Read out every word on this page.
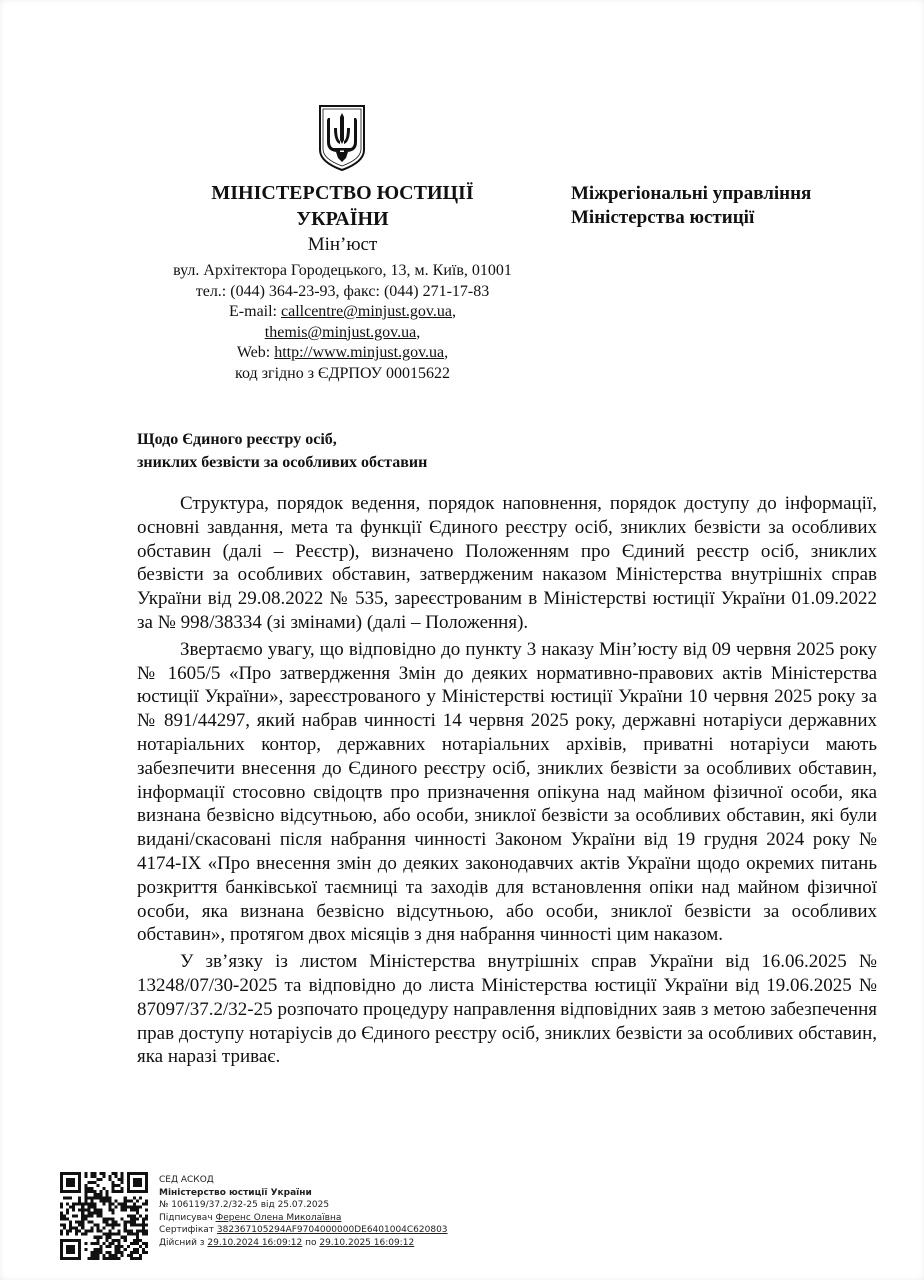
МІНІСТЕРСТВО ЮСТИЦІЇ
УКРАЇНИ

Мін’юст
вул. Архітектора Городецького, 13, м. Київ, 01001
тел.: (044) 364-23-93, факс: (044) 271-17-83
E-mail: callcentre@minjust.gov.ua,
themis@minjust.gov.ua,
Web: http://www.minjust.gov.ua,
код згідно з ЄДРПОУ 00015622
Міжрегіональні управління
Міністерства юстиції
Щодо Єдиного реєстру осіб,
зниклих безвісти за особливих обставин

Структура, порядок ведення, порядок наповнення, порядок доступу до інформації, основні завдання, мета та функції Єдиного реєстру осіб, зниклих безвісти за особливих обставин (далі – Реєстр), визначено Положенням про Єдиний реєстр осіб, зниклих безвісти за особливих обставин, затвердженим наказом Міністерства внутрішніх справ України від 29.08.2022 № 535, зареєстрованим в Міністерстві юстиції України 01.09.2022 за № 998/38334 (зі змінами) (далі – Положення).

Звертаємо увагу, що відповідно до пункту 3 наказу Мін’юсту від 09 червня 2025 року № 1605/5 «Про затвердження Змін до деяких нормативно-правових актів Міністерства юстиції України», зареєстрованого у Міністерстві юстиції України 10 червня 2025 року за № 891/44297, який набрав чинності 14 червня 2025 року, державні нотаріуси державних нотаріальних контор, державних нотаріальних архівів, приватні нотаріуси мають забезпечити внесення до Єдиного реєстру осіб, зниклих безвісти за особливих обставин, інформації стосовно свідоцтв про призначення опікуна над майном фізичної особи, яка визнана безвісно відсутньою, або особи, зниклої безвісти за особливих обставин, які були видані/скасовані після набрання чинності Законом України від 19 грудня 2024 року № 4174-IX «Про внесення змін до деяких законодавчих актів України щодо окремих питань розкриття банківської таємниці та заходів для встановлення опіки над майном фізичної особи, яка визнана безвісно відсутньою, або особи, зниклої безвісти за особливих обставин», протягом двох місяців з дня набрання чинності цим наказом.

У зв’язку із листом Міністерства внутрішніх справ України від 16.06.2025 № 13248/07/30-2025 та відповідно до листа Міністерства юстиції України від 19.06.2025 № 87097/37.2/32-25 розпочато процедуру направлення відповідних заяв з метою забезпечення прав доступу нотаріусів до Єдиного реєстру осіб, зниклих безвісти за особливих обставин, яка наразі триває.

СЕД АСКОД
Міністерство юстиції України
№ 106119/37.2/32-25 від 25.07.2025
Підписувач Ференс Олена Миколаївна
Сертифікат 382367105294AF9704000000DE6401004C620803
Дійсний з 29.10.2024 16:09:12 по 29.10.2025 16:09:12
